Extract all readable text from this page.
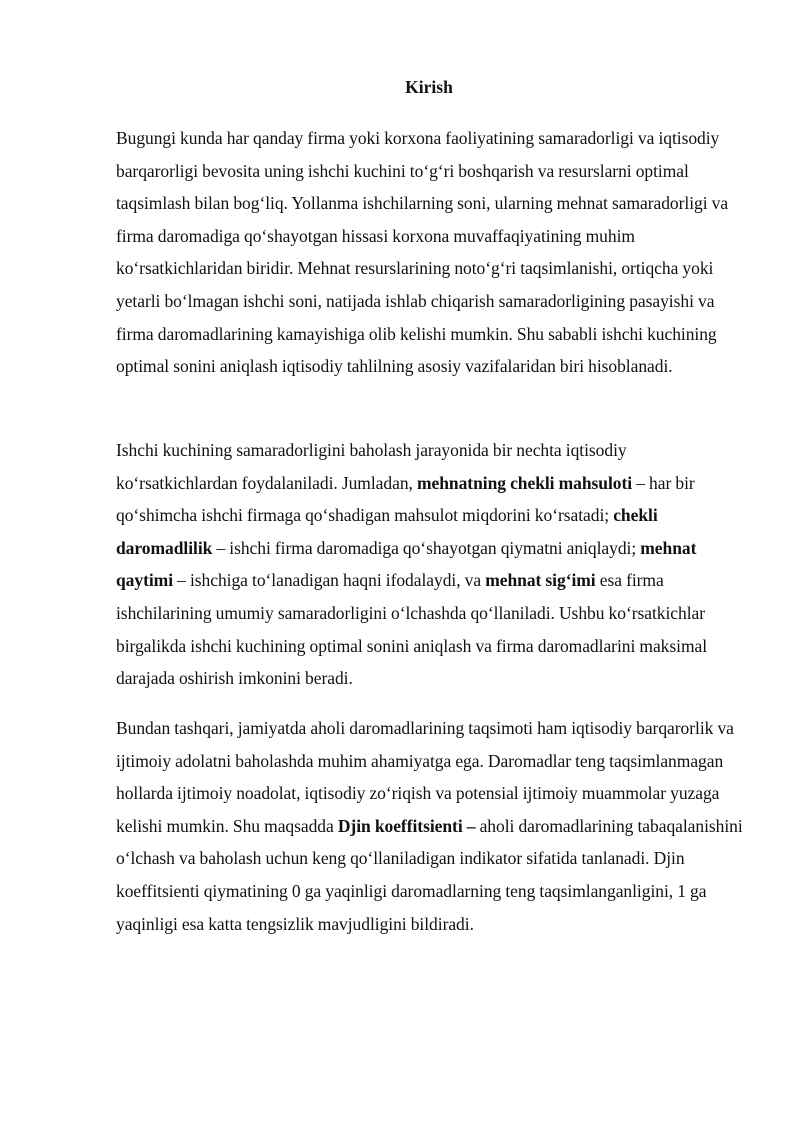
Kirish

Bugungi kunda har qanday firma yoki korxona faoliyatining samaradorligi va iqtisodiy barqarorligi bevosita uning ishchi kuchini to‘g‘ri boshqarish va resurslarni optimal taqsimlash bilan bog‘liq. Yollanma ishchilarning soni, ularning mehnat samaradorligi va firma daromadiga qo‘shayotgan hissasi korxona muvaffaqiyatining muhim ko‘rsatkichlaridan biridir. Mehnat resurslarining noto‘g‘ri taqsimlanishi, ortiqcha yoki yetarli bo‘lmagan ishchi soni, natijada ishlab chiqarish samaradorligining pasayishi va firma daromadlarining kamayishiga olib kelishi mumkin. Shu sababli ishchi kuchining optimal sonini aniqlash iqtisodiy tahlilning asosiy vazifalaridan biri hisoblanadi.

Ishchi kuchining samaradorligini baholash jarayonida bir nechta iqtisodiy ko‘rsatkichlardan foydalaniladi. Jumladan, mehnatning chekli mahsuloti – har bir qo‘shimcha ishchi firmaga qo‘shadigan mahsulot miqdorini ko‘rsatadi; chekli daromadlilik – ishchi firma daromadiga qo‘shayotgan qiymatni aniqlaydi; mehnat qaytimi – ishchiga to‘lanadigan haqni ifodalaydi, va mehnat sig‘imi esa firma ishchilarining umumiy samaradorligini o‘lchashda qo‘llaniladi. Ushbu ko‘rsatkichlar birgalikda ishchi kuchining optimal sonini aniqlash va firma daromadlarini maksimal darajada oshirish imkonini beradi.

Bundan tashqari, jamiyatda aholi daromadlarining taqsimoti ham iqtisodiy barqarorlik va ijtimoiy adolatni baholashda muhim ahamiyatga ega. Daromadlar teng taqsimlanmagan hollarda ijtimoiy noadolat, iqtisodiy zo‘riqish va potensial ijtimoiy muammolar yuzaga kelishi mumkin. Shu maqsadda Djin koeffitsienti – aholi daromadlarining tabaqalanishini o‘lchash va baholash uchun keng qo‘llaniladigan indikator sifatida tanlanadi. Djin koeffitsienti qiymatining 0 ga yaqinligi daromadlarning teng taqsimlanganligini, 1 ga yaqinligi esa katta tengsizlik mavjudligini bildiradi.
